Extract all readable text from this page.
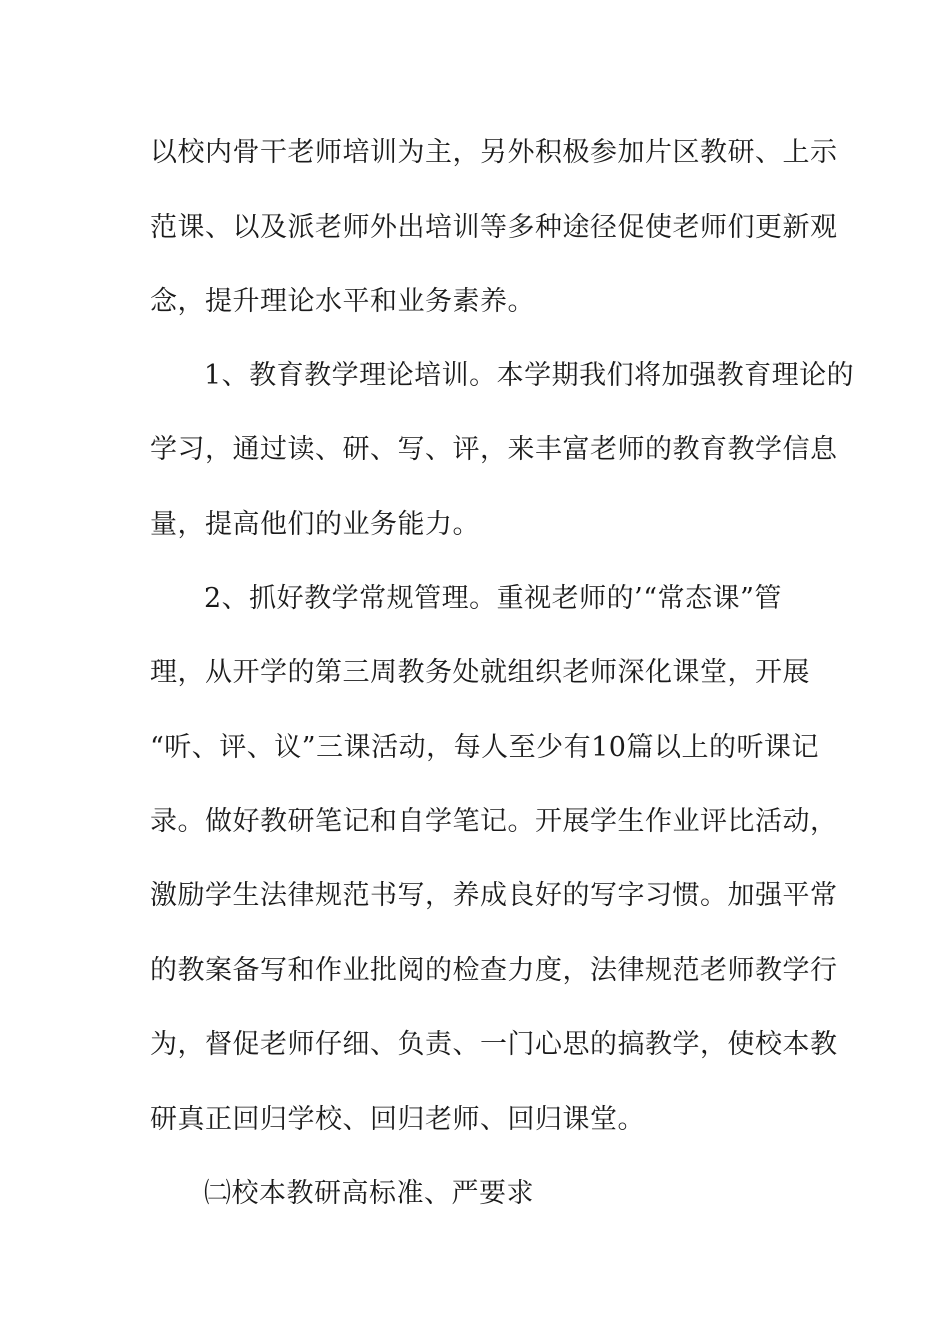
以校内骨干老师培训为主，另外积极参加片区教研、上示
范课、以及派老师外出培训等多种途径促使老师们更新观
念，提升理论水平和业务素养。
1、教育教学理论培训。本学期我们将加强教育理论的
学习，通过读、研、写、评，来丰富老师的教育教学信息
量，提高他们的业务能力。
2、抓好教学常规管理。重视老师的’“常态课”管
理，从开学的第三周教务处就组织老师深化课堂，开展
“听、评、议”三课活动，每人至少有10篇以上的听课记
录。做好教研笔记和自学笔记。开展学生作业评比活动，
激励学生法律规范书写，养成良好的写字习惯。加强平常
的教案备写和作业批阅的检查力度，法律规范老师教学行
为，督促老师仔细、负责、一门心思的搞教学，使校本教
研真正回归学校、回归老师、回归课堂。
㈡校本教研高标准、严要求
